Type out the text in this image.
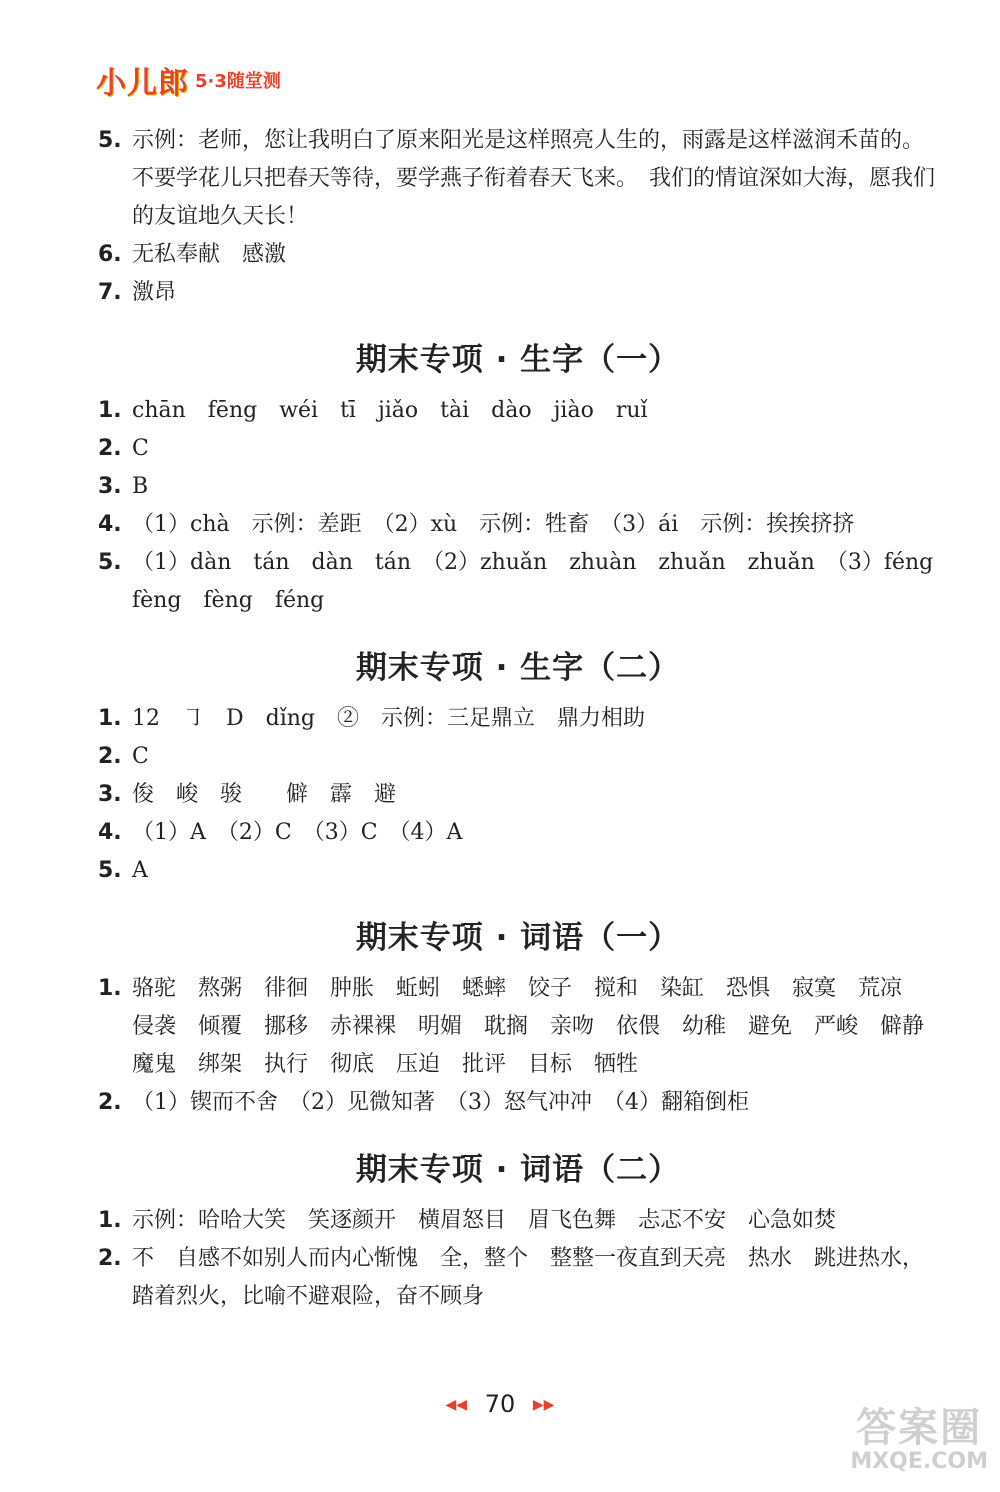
小儿郎 5·3随堂测
5. 示例：老师，您让我明白了原来阳光是这样照亮人生的，雨露是这样滋润禾苗的。　不要学花儿只把春天等待，要学燕子衔着春天飞来。　我们的情谊深如大海，愿我们的友谊地久天长！
6. 无私奉献　感激
7. 激昂
期末专项 · 生字（一）
1. chān　fēng　wéi　tī　jiǎo　tài　dào　jiào　ruǐ
2. C
3. B
4. （1）chà　示例：差距　（2）xù　示例：牲畜　（3）ái　示例：挨挨挤挤
5. （1）dàn　tán　dàn　tán　（2）zhuǎn　zhuàn　zhuǎn　zhuǎn　（3）féng　fèng　fèng　féng
期末专项 · 生字（二）
1. 12　㇆　D　dǐng　②　示例：三足鼎立　鼎力相助
2. C
3. 俊　峻　骏　　僻　霹　避
4. （1）A　（2）C　（3）C　（4）A
5. A
期末专项 · 词语（一）
1. 骆驼　熬粥　徘徊　肿胀　蚯蚓　蟋蟀　饺子　搅和　染缸　恐惧　寂寞　荒凉　侵袭　倾覆　挪移　赤裸裸　明媚　耽搁　亲吻　依偎　幼稚　避免　严峻　僻静　魔鬼　绑架　执行　彻底　压迫　批评　目标　牺牲
2. （1）锲而不舍　（2）见微知著　（3）怒气冲冲　（4）翻箱倒柜
期末专项 · 词语（二）
1. 示例：哈哈大笑　笑逐颜开　横眉怒目　眉飞色舞　忐忑不安　心急如焚
2. 不　自感不如别人而内心惭愧　全，整个　整整一夜直到天亮　热水　跳进热水，踏着烈火，比喻不避艰险，奋不顾身
◀◀ 70 ▶▶	答案圈
MXQE.COM
